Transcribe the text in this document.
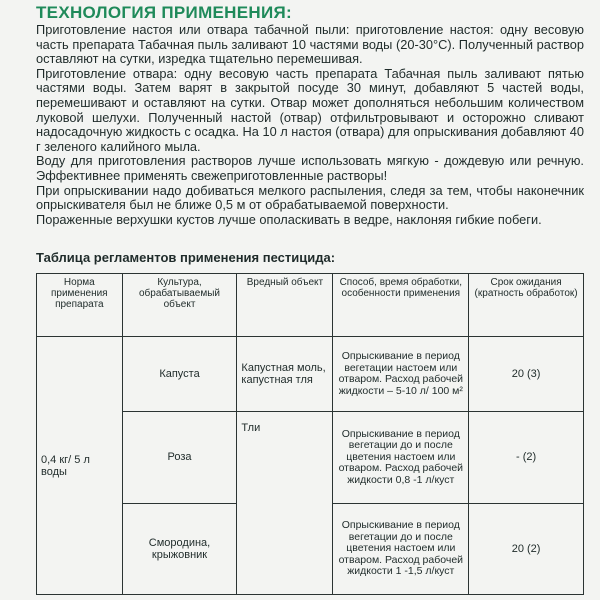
ТЕХНОЛОГИЯ ПРИМЕНЕНИЯ:

Приготовление настоя или отвара табачной пыли: приготовление настоя: одну весовую часть препарата Табачная пыль заливают 10 частями воды (20-30°С). Полученный раствор оставляют на сутки, изредка тщательно перемешивая.

Приготовление отвара: одну весовую часть препарата Табачная пыль заливают пятью частями воды. Затем варят в закрытой посуде 30 минут, добавляют 5 частей воды, перемешивают и оставляют на сутки. Отвар может дополняться небольшим количеством луковой шелухи. Полученный настой (отвар) отфильтровывают и осторожно сливают надосадочную жидкость с осадка. На 10 л настоя (отвара) для опрыскивания добавляют 40 г зеленого калийного мыла.

Воду для приготовления растворов лучше использовать мягкую - дождевую или речную. Эффективнее применять свежеприготовленные растворы!

При опрыскивании надо добиваться мелкого распыления, следя за тем, чтобы наконечник опрыскивателя был не ближе 0,5 м от обрабатываемой поверхности.

Пораженные верхушки кустов лучше ополаскивать в ведре, наклоняя гибкие побеги.

Таблица регламентов применения пестицида:
Норма применения препарата	Культура, обрабатываемый объект	Вредный объект	Способ, время обработки, особенности применения	Срок ожидания (кратность обработок)
0,4 кг/ 5 л воды	Капуста	Капустная моль, капустная тля	Опрыскивание в период вегетации настоем или отваром. Расход рабочей жидкости – 5-10 л/ 100 м²	20 (3)
	Роза	Тли	Опрыскивание в период вегетации до и после цветения настоем или отваром. Расход рабочей жидкости 0,8 -1 л/куст	- (2)
	Смородина, крыжовник		Опрыскивание в период вегетации до и после цветения настоем или отваром. Расход рабочей жидкости 1 -1,5 л/куст	20 (2)
